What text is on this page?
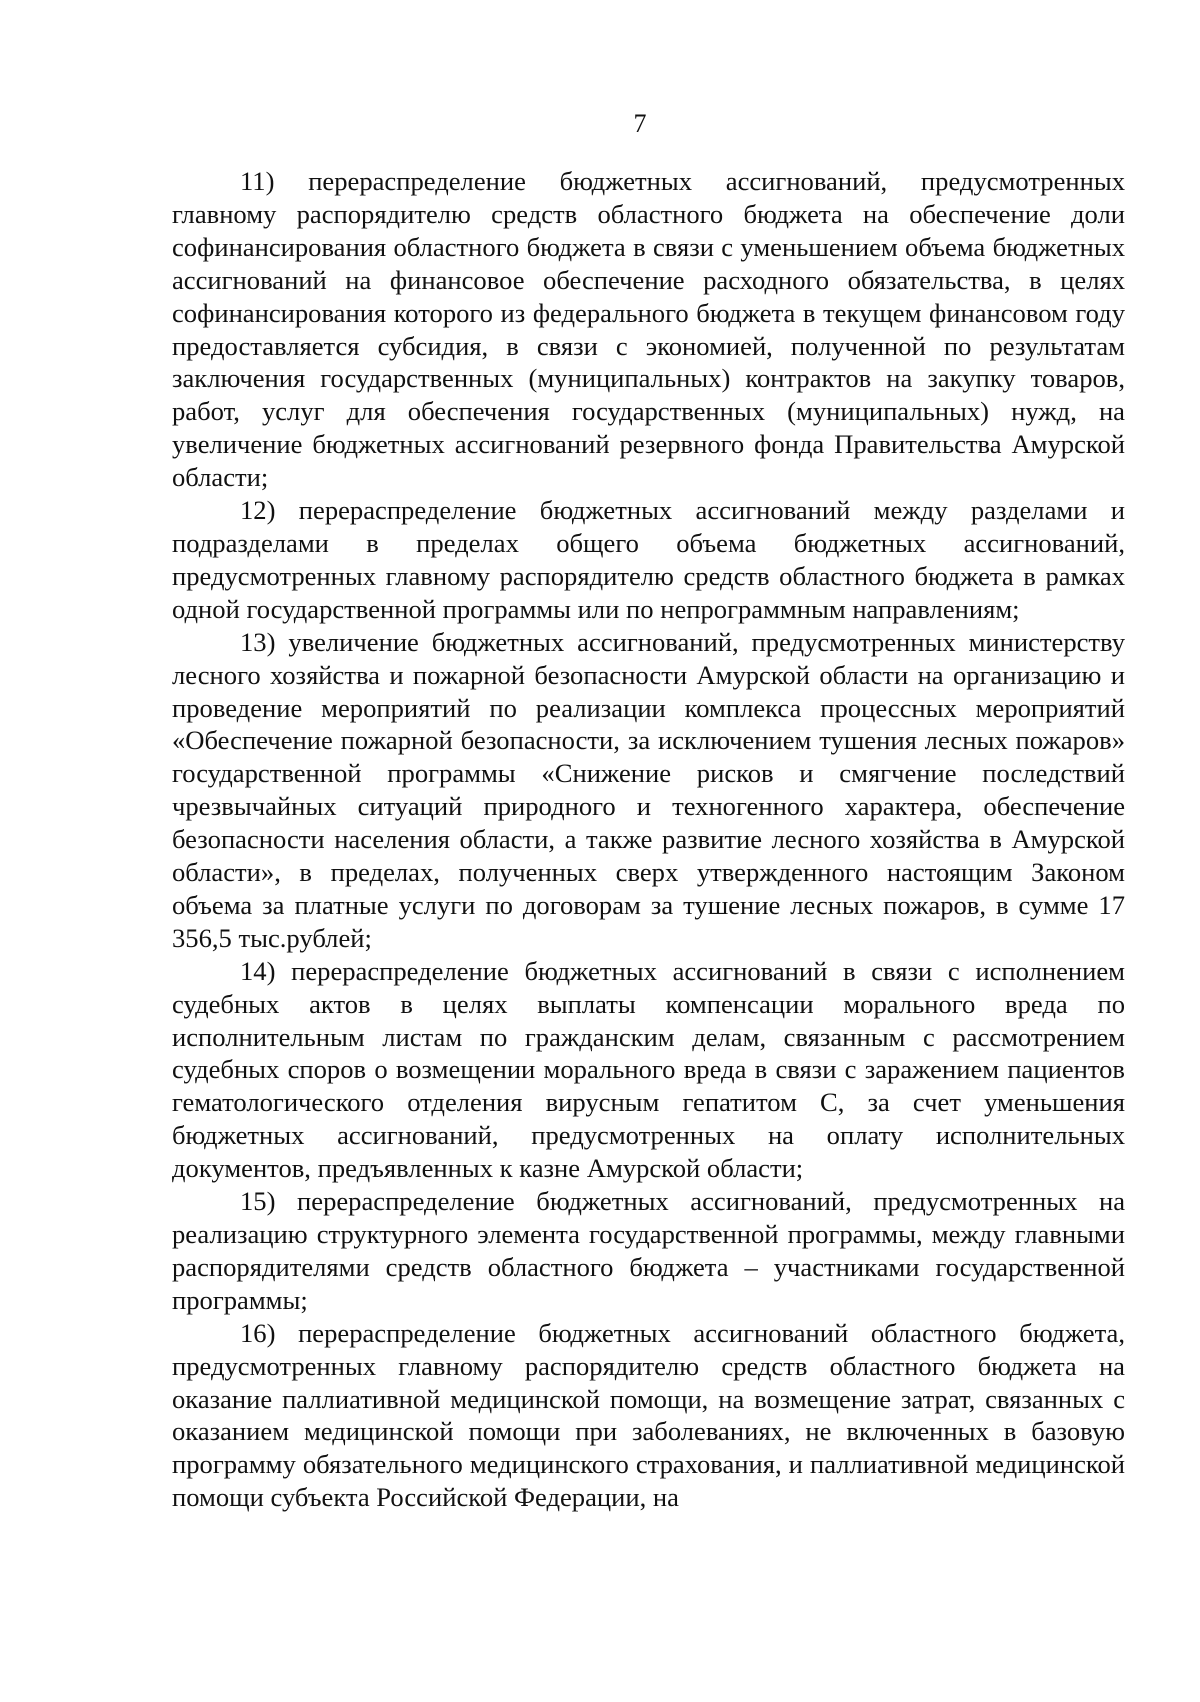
7

11) перераспределение бюджетных ассигнований, предусмотренных главному распорядителю средств областного бюджета на обеспечение доли софинансирования областного бюджета в связи с уменьшением объема бюджетных ассигнований на финансовое обеспечение расходного обязательства, в целях софинансирования которого из федерального бюджета в текущем финансовом году предоставляется субсидия, в связи с экономией, полученной по результатам заключения государственных (муниципальных) контрактов на закупку товаров, работ, услуг для обеспечения государственных (муниципальных) нужд, на увеличение бюджетных ассигнований резервного фонда Правительства Амурской области;

12) перераспределение бюджетных ассигнований между разделами и подразделами в пределах общего объема бюджетных ассигнований, предусмотренных главному распорядителю средств областного бюджета в рамках одной государственной программы или по непрограммным направлениям;

13) увеличение бюджетных ассигнований, предусмотренных министерству лесного хозяйства и пожарной безопасности Амурской области на организацию и проведение мероприятий по реализации комплекса процессных мероприятий «Обеспечение пожарной безопасности, за исключением тушения лесных пожаров» государственной программы «Снижение рисков и смягчение последствий чрезвычайных ситуаций природного и техногенного характера, обеспечение безопасности населения области, а также развитие лесного хозяйства в Амурской области», в пределах, полученных сверх утвержденного настоящим Законом объема за платные услуги по договорам за тушение лесных пожаров, в сумме 17 356,5 тыс.рублей;

14) перераспределение бюджетных ассигнований в связи с исполнением судебных актов в целях выплаты компенсации морального вреда по исполнительным листам по гражданским делам, связанным с рассмотрением судебных споров о возмещении морального вреда в связи с заражением пациентов гематологического отделения вирусным гепатитом С, за счет уменьшения бюджетных ассигнований, предусмотренных на оплату исполнительных документов, предъявленных к казне Амурской области;

15) перераспределение бюджетных ассигнований, предусмотренных на реализацию структурного элемента государственной программы, между главными распорядителями средств областного бюджета – участниками государственной программы;

16) перераспределение бюджетных ассигнований областного бюджета, предусмотренных главному распорядителю средств областного бюджета на оказание паллиативной медицинской помощи, на возмещение затрат, связанных с оказанием медицинской помощи при заболеваниях, не включенных в базовую программу обязательного медицинского страхования, и паллиативной медицинской помощи субъекта Российской Федерации, на
